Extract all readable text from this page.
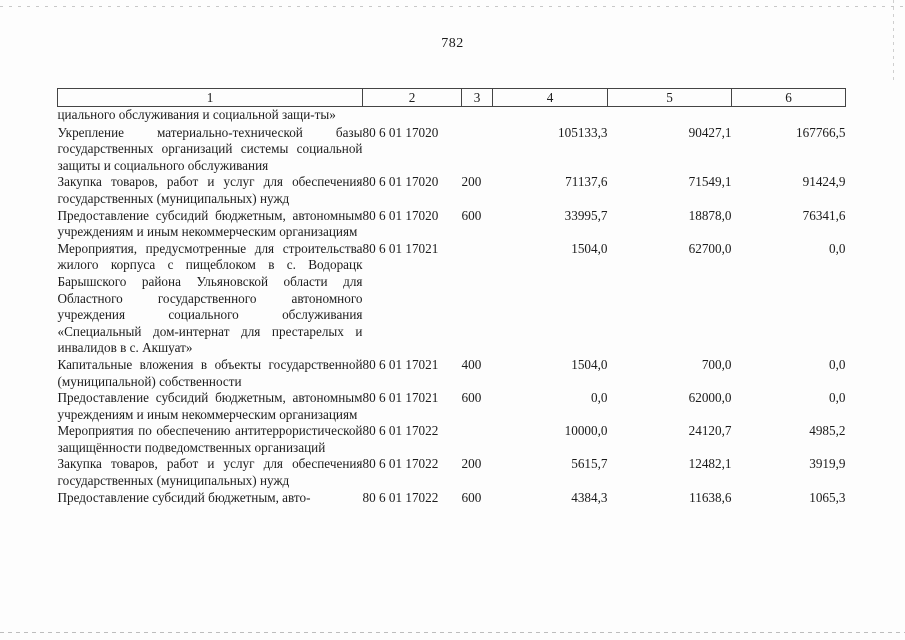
782
1	2	3	4	5	6
циального обслуживания и социальной защи-ты»					
Укрепление материально-технической базы государственных организаций системы социальной защиты и социального обслуживания	80 6 01 17020		105133,3	90427,1	167766,5
Закупка товаров, работ и услуг для обеспечения государственных (муниципальных) нужд	80 6 01 17020	200	71137,6	71549,1	91424,9
Предоставление субсидий бюджетным, автономным учреждениям и иным некоммерческим организациям	80 6 01 17020	600	33995,7	18878,0	76341,6
Мероприятия, предусмотренные для строительства жилого корпуса с пищеблоком в с. Водорацк Барышского района Ульяновской области для Областного государственного автономного учреждения социального обслуживания «Специальный дом-интернат для престарелых и инвалидов в с. Акшуат»	80 6 01 17021		1504,0	62700,0	0,0
Капитальные вложения в объекты государственной (муниципальной) собственности	80 6 01 17021	400	1504,0	700,0	0,0
Предоставление субсидий бюджетным, автономным учреждениям и иным некоммерческим организациям	80 6 01 17021	600	0,0	62000,0	0,0
Мероприятия по обеспечению антитеррористической защищённости подведомственных организаций	80 6 01 17022		10000,0	24120,7	4985,2
Закупка товаров, работ и услуг для обеспечения государственных (муниципальных) нужд	80 6 01 17022	200	5615,7	12482,1	3919,9
Предоставление субсидий бюджетным, авто-	80 6 01 17022	600	4384,3	11638,6	1065,3
